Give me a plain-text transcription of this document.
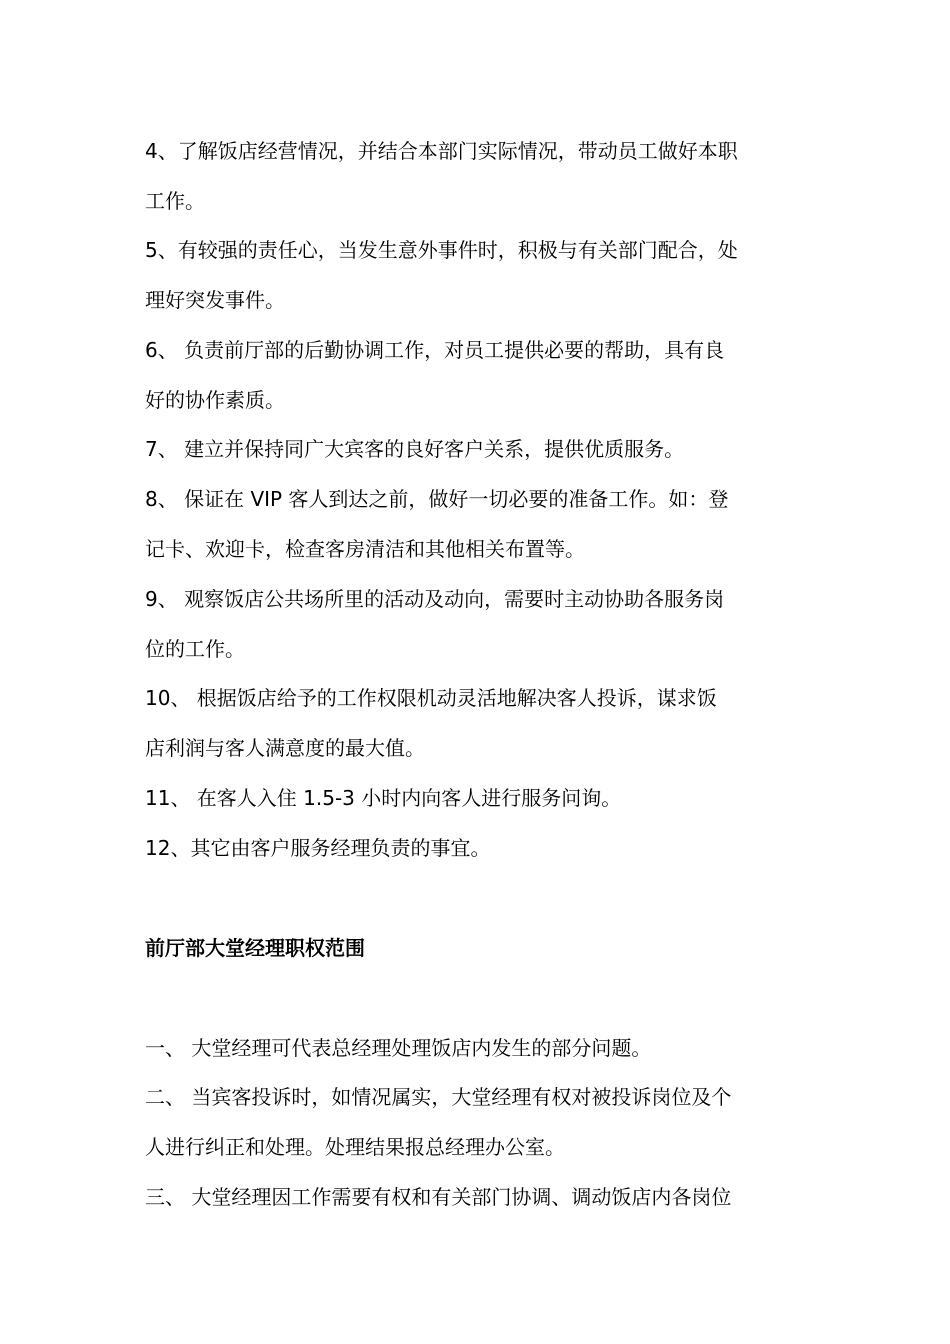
4、了解饭店经营情况，并结合本部门实际情况，带动员工做好本职
工作。
5、有较强的责任心，当发生意外事件时，积极与有关部门配合，处
理好突发事件。
6、 负责前厅部的后勤协调工作，对员工提供必要的帮助，具有良
好的协作素质。
7、 建立并保持同广大宾客的良好客户关系，提供优质服务。
8、 保证在 VIP 客人到达之前，做好一切必要的准备工作。如：登
记卡、欢迎卡，检查客房清洁和其他相关布置等。
9、 观察饭店公共场所里的活动及动向，需要时主动协助各服务岗
位的工作。
10、 根据饭店给予的工作权限机动灵活地解决客人投诉，谋求饭
店利润与客人满意度的最大值。
11、 在客人入住 1.5-3 小时内向客人进行服务问询。
12、其它由客户服务经理负责的事宜。
前厅部大堂经理职权范围
一、 大堂经理可代表总经理处理饭店内发生的部分问题。
二、 当宾客投诉时，如情况属实，大堂经理有权对被投诉岗位及个
人进行纠正和处理。处理结果报总经理办公室。
三、 大堂经理因工作需要有权和有关部门协调、调动饭店内各岗位
